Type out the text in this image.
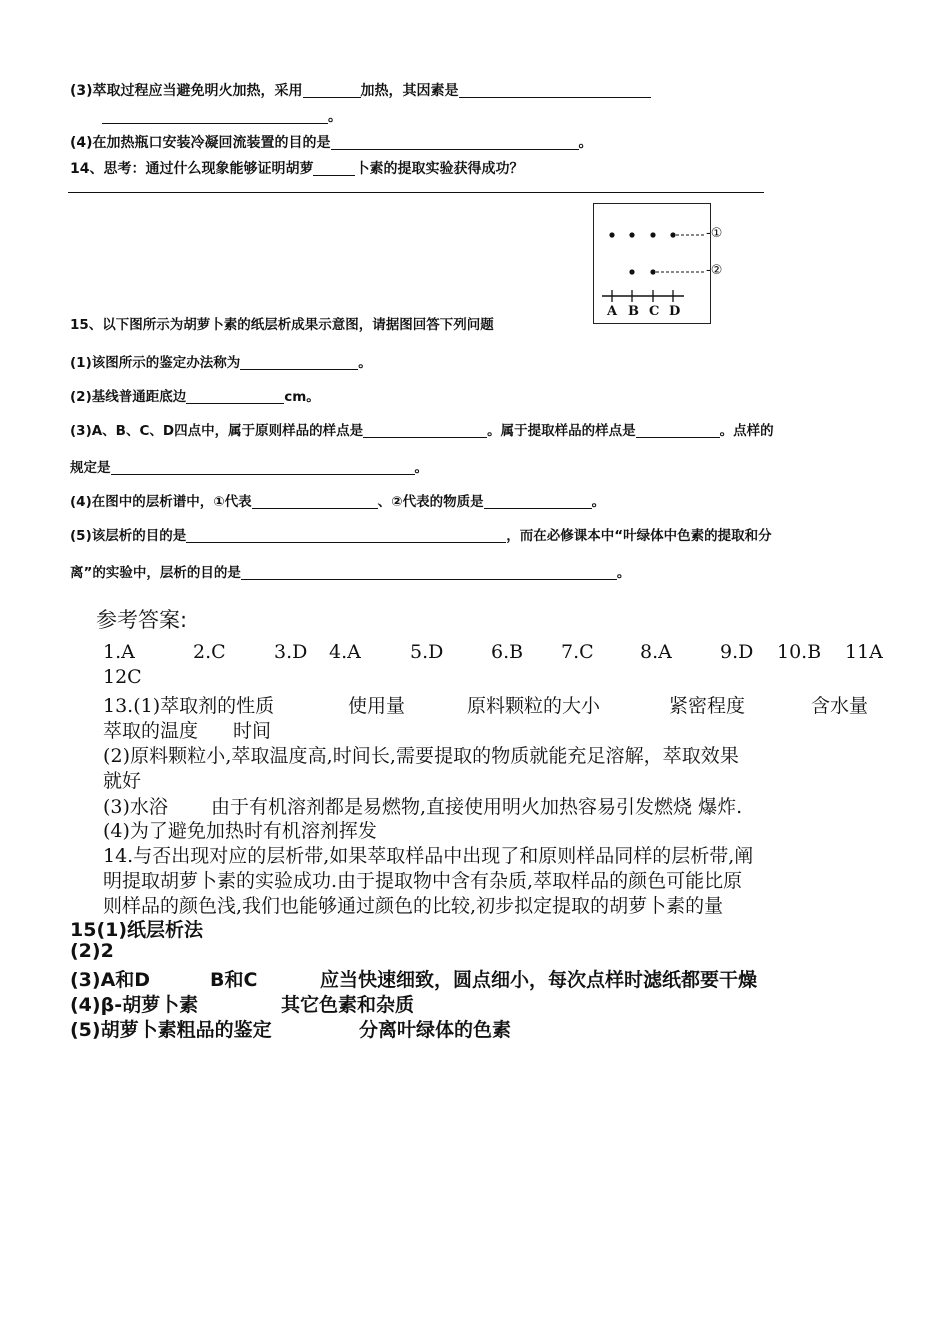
(3)萃取过程应当避免明火加热，采用	加热，其因素是
。
(4)在加热瓶口安装冷凝回流装置的目的是	。
14、思考：通过什么现象能够证明胡萝	卜素的提取实验获得成功？
-①
-②
A B C D
15、以下图所示为胡萝卜素的纸层析成果示意图，请据图回答下列问题
(1)该图所示的鉴定办法称为	。
(2)基线普通距底边	cm。
(3)A、B、C、D四点中，属于原则样品的样点是	。属于提取样品的样点是	。点样的
规定是	。
(4)在图中的层析谱中，①代表	、②代表的物质是	。
(5)该层析的目的是	，而在必修课本中“叶绿体中色素的提取和分
离”的实验中，层析的目的是	。
参考答案:
1.A	2.C	3.D 4.A	5.D	6.B 7.C 8.A	9.D 10.B 11A
12C
13.(1)萃取剂的性质	使用量	原料颗粒的大小	紧密程度	含水量
萃取的温度 时间
(2)原料颗粒小,萃取温度高,时间长,需要提取的物质就能充足溶解，萃取效果
就好
(3)水浴 由于有机溶剂都是易燃物,直接使用明火加热容易引发燃烧 爆炸.
(4)为了避免加热时有机溶剂挥发
14.与否出现对应的层析带,如果萃取样品中出现了和原则样品同样的层析带,阐
明提取胡萝卜素的实验成功.由于提取物中含有杂质,萃取样品的颜色可能比原
则样品的颜色浅,我们也能够通过颜色的比较,初步拟定提取的胡萝卜素的量
15(1)纸层析法
(2)2
(3)A和D	B和C	应当快速细致，圆点细小，每次点样时滤纸都要干燥
(4)β-胡萝卜素	其它色素和杂质
(5)胡萝卜素粗品的鉴定	分离叶绿体的色素
